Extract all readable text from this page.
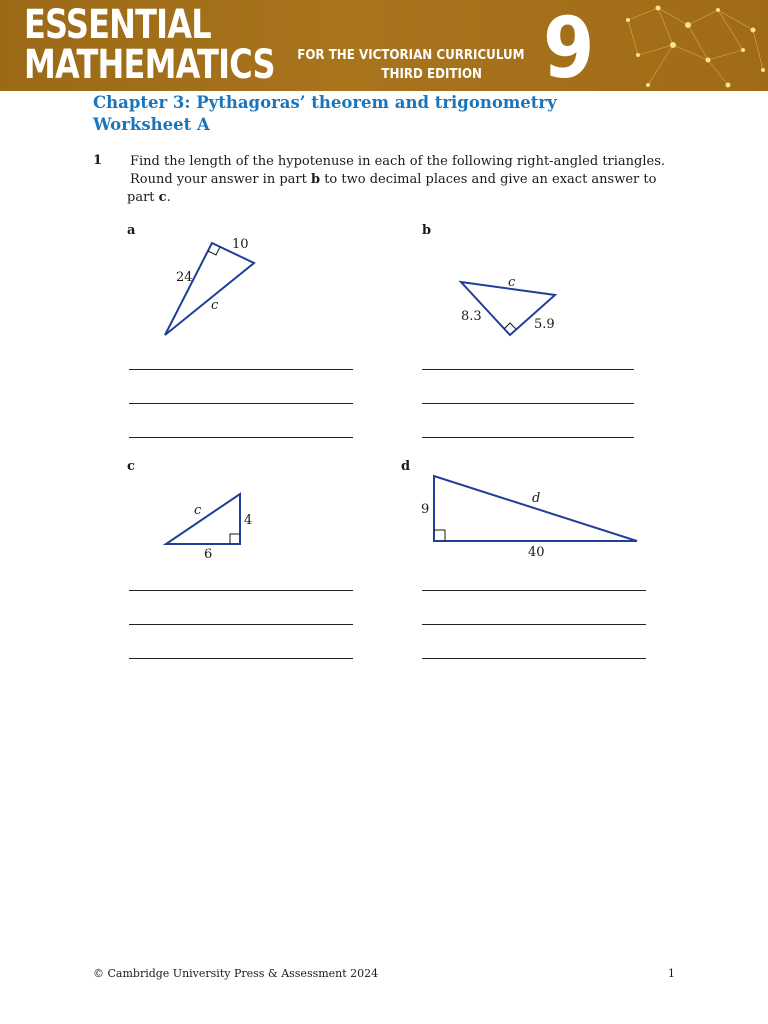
ESSENTIAL
MATHEMATICS FOR THE VICTORIAN CURRICULUM
THIRD EDITION 9
Chapter 3: Pythagoras’ theorem and trigonometry
Worksheet A
1 Find the length of the hypotenuse in each of the following right-angled triangles.
Round your answer in part b to two decimal places and give an exact answer to
part c.
a	b
c	d
10
24
c
c
8.3
5.9
c
4
6
9
d
40
© Cambridge University Press & Assessment 2024	1
